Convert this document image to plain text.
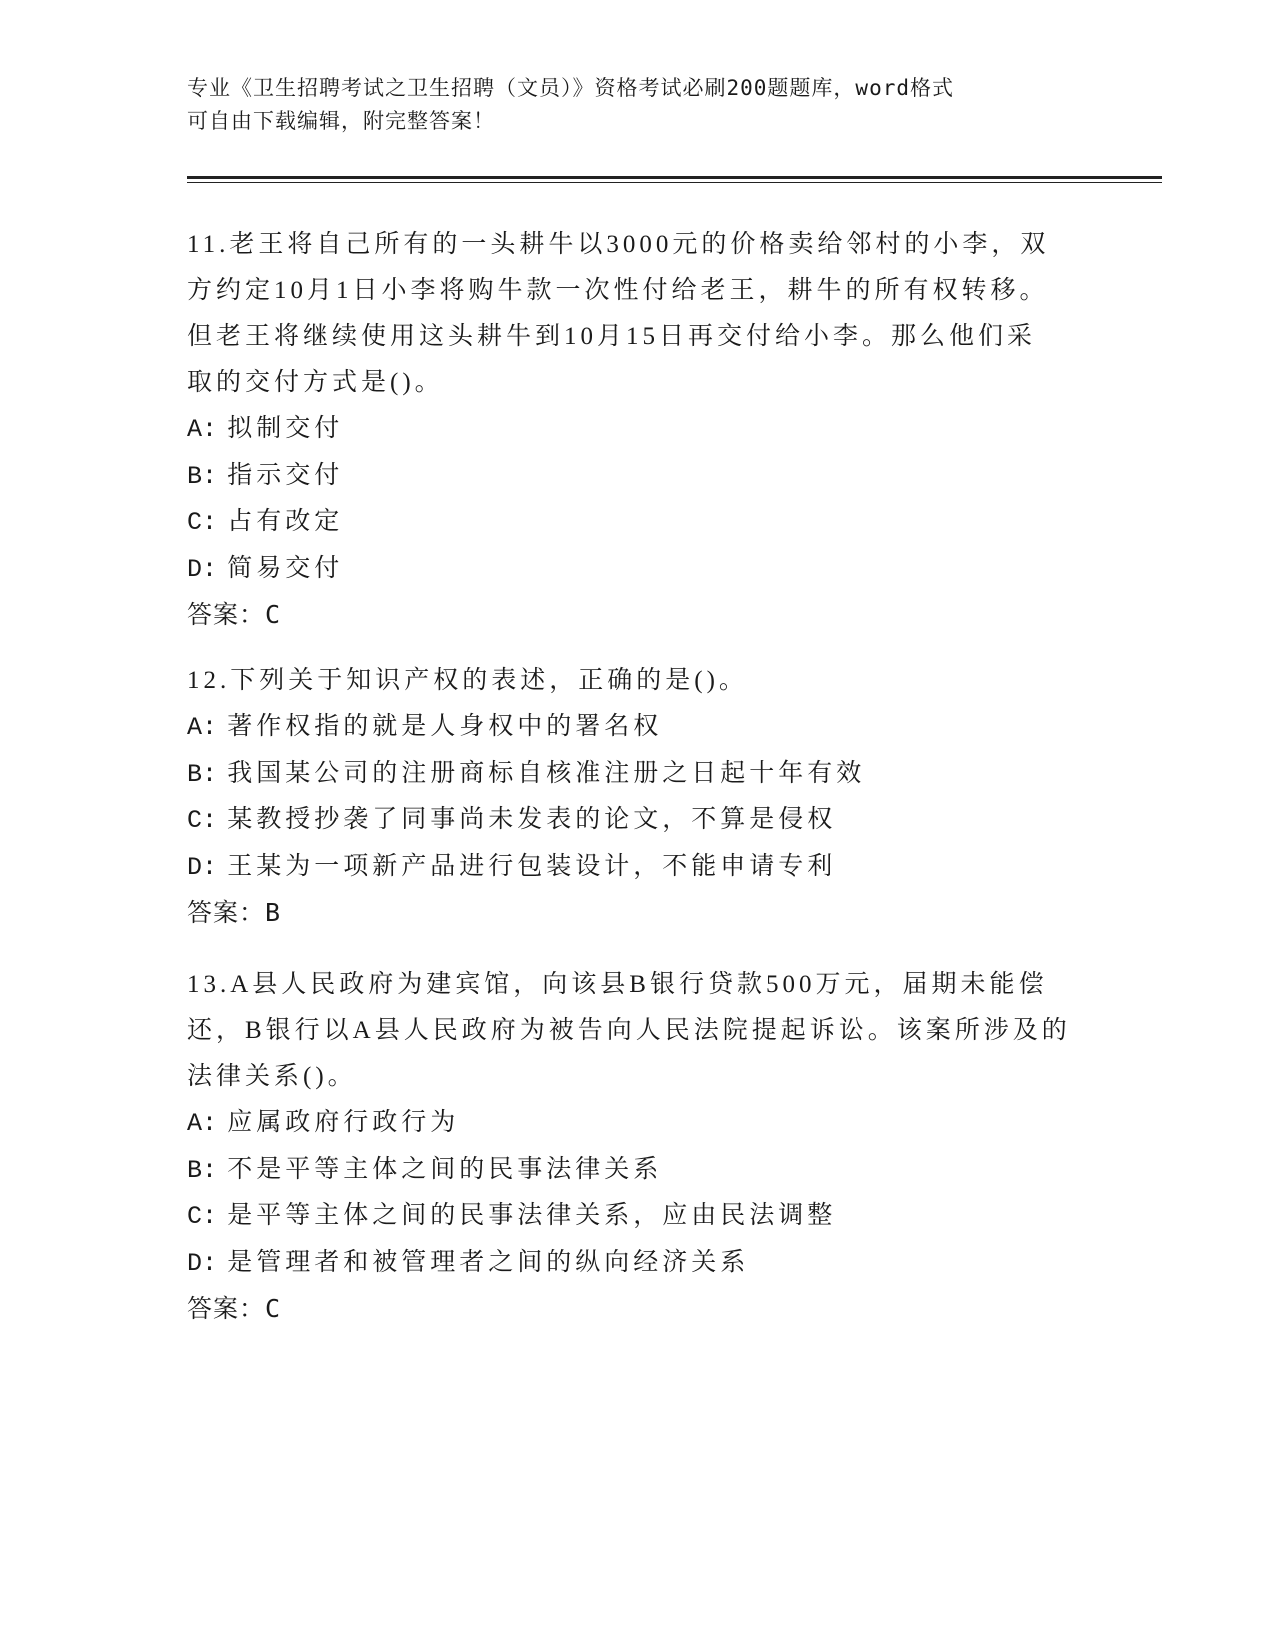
专业《卫生招聘考试之卫生招聘（文员）》资格考试必刷200题题库，word格式
可自由下载编辑，附完整答案！

11.老王将自己所有的一头耕牛以3000元的价格卖给邻村的小李，双

方约定10月1日小李将购牛款一次性付给老王，耕牛的所有权转移。

但老王将继续使用这头耕牛到10月15日再交付给小李。那么他们采

取的交付方式是()。

A: 拟制交付

B: 指示交付

C: 占有改定

D: 简易交付

答案：C

12.下列关于知识产权的表述，正确的是()。

A: 著作权指的就是人身权中的署名权

B: 我国某公司的注册商标自核准注册之日起十年有效

C: 某教授抄袭了同事尚未发表的论文，不算是侵权

D: 王某为一项新产品进行包装设计，不能申请专利

答案：B

13.A县人民政府为建宾馆，向该县B银行贷款500万元，届期未能偿

还，B银行以A县人民政府为被告向人民法院提起诉讼。该案所涉及的

法律关系()。

A: 应属政府行政行为

B: 不是平等主体之间的民事法律关系

C: 是平等主体之间的民事法律关系，应由民法调整

D: 是管理者和被管理者之间的纵向经济关系

答案：C
